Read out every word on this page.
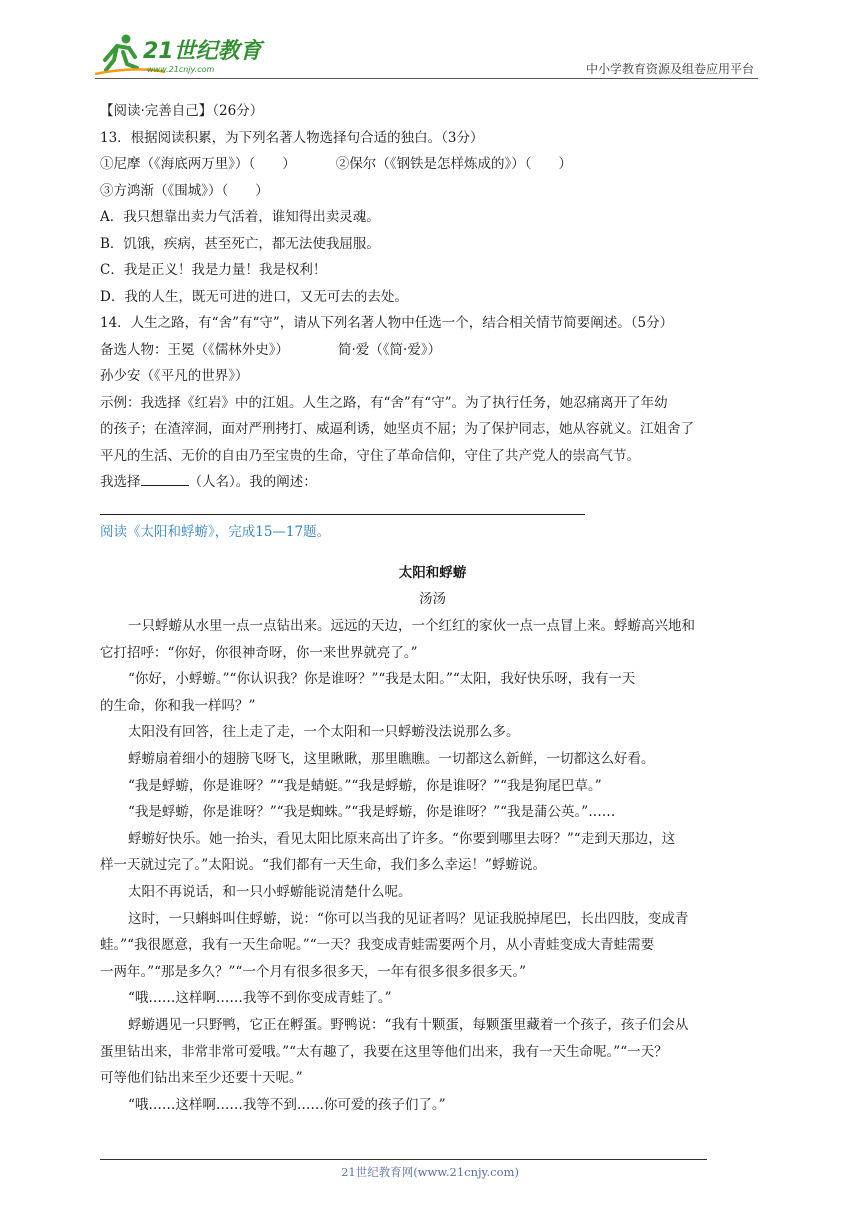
21世纪教育
www.21cnjy.com	中小学教育资源及组卷应用平台
【阅读·完善自己】（26分）
13．根据阅读积累，为下列名著人物选择句合适的独白。（3分）
①尼摩（《海底两万里》）（　　）	②保尔（《钢铁是怎样炼成的》）（　　）
③方鸿渐（《围城》）（　　）
A．我只想靠出卖力气活着，谁知得出卖灵魂。
B．饥饿，疾病，甚至死亡，都无法使我屈服。
C．我是正义！我是力量！我是权利！
D．我的人生，既无可进的进口，又无可去的去处。
14．人生之路，有“舍”有“守”，请从下列名著人物中任选一个，结合相关情节简要阐述。（5分）
备选人物：王冕（《儒林外史》）	简·爱（《简·爱》）
孙少安（《平凡的世界》）
示例：我选择《红岩》中的江姐。人生之路，有“舍”有“守”。为了执行任务，她忍痛离开了年幼
的孩子；在渣滓洞，面对严刑拷打、威逼利诱，她坚贞不屈；为了保护同志，她从容就义。江姐舍了
平凡的生活、无价的自由乃至宝贵的生命，守住了革命信仰，守住了共产党人的崇高气节。
我选择	（人名）。我的阐述：
阅读《太阳和蜉蝣》，完成15—17题。
太阳和蜉蝣
汤汤
一只蜉蝣从水里一点一点钻出来。远远的天边，一个红红的家伙一点一点冒上来。蜉蝣高兴地和
它打招呼：“你好，你很神奇呀，你一来世界就亮了。”
“你好，小蜉蝣。”“你认识我？你是谁呀？”“我是太阳。”“太阳，我好快乐呀，我有一天
的生命，你和我一样吗？”
太阳没有回答，往上走了走，一个太阳和一只蜉蝣没法说那么多。
蜉蝣扇着细小的翅膀飞呀飞，这里瞅瞅，那里瞧瞧。一切都这么新鲜，一切都这么好看。
“我是蜉蝣，你是谁呀？”“我是蜻蜓。”“我是蜉蝣，你是谁呀？”“我是狗尾巴草。”
“我是蜉蝣，你是谁呀？”“我是蜘蛛。”“我是蜉蝣，你是谁呀？”“我是蒲公英。”……
蜉蝣好快乐。她一抬头，看见太阳比原来高出了许多。“你要到哪里去呀？”“走到天那边，这
样一天就过完了。”太阳说。“我们都有一天生命，我们多么幸运！”蜉蝣说。
太阳不再说话，和一只小蜉蝣能说清楚什么呢。
这时，一只蝌蚪叫住蜉蝣，说：“你可以当我的见证者吗？见证我脱掉尾巴，长出四肢，变成青
蛙。”“我很愿意，我有一天生命呢。”“一天？我变成青蛙需要两个月，从小青蛙变成大青蛙需要
一两年。”“那是多久？”“一个月有很多很多天，一年有很多很多很多天。”
“哦……这样啊……我等不到你变成青蛙了。”
蜉蝣遇见一只野鸭，它正在孵蛋。野鸭说：“我有十颗蛋，每颗蛋里藏着一个孩子，孩子们会从
蛋里钻出来，非常非常可爱哦。”“太有趣了，我要在这里等他们出来，我有一天生命呢。”“一天？
可等他们钻出来至少还要十天呢。”
“哦……这样啊……我等不到……你可爱的孩子们了。”
21世纪教育网(www.21cnjy.com)
